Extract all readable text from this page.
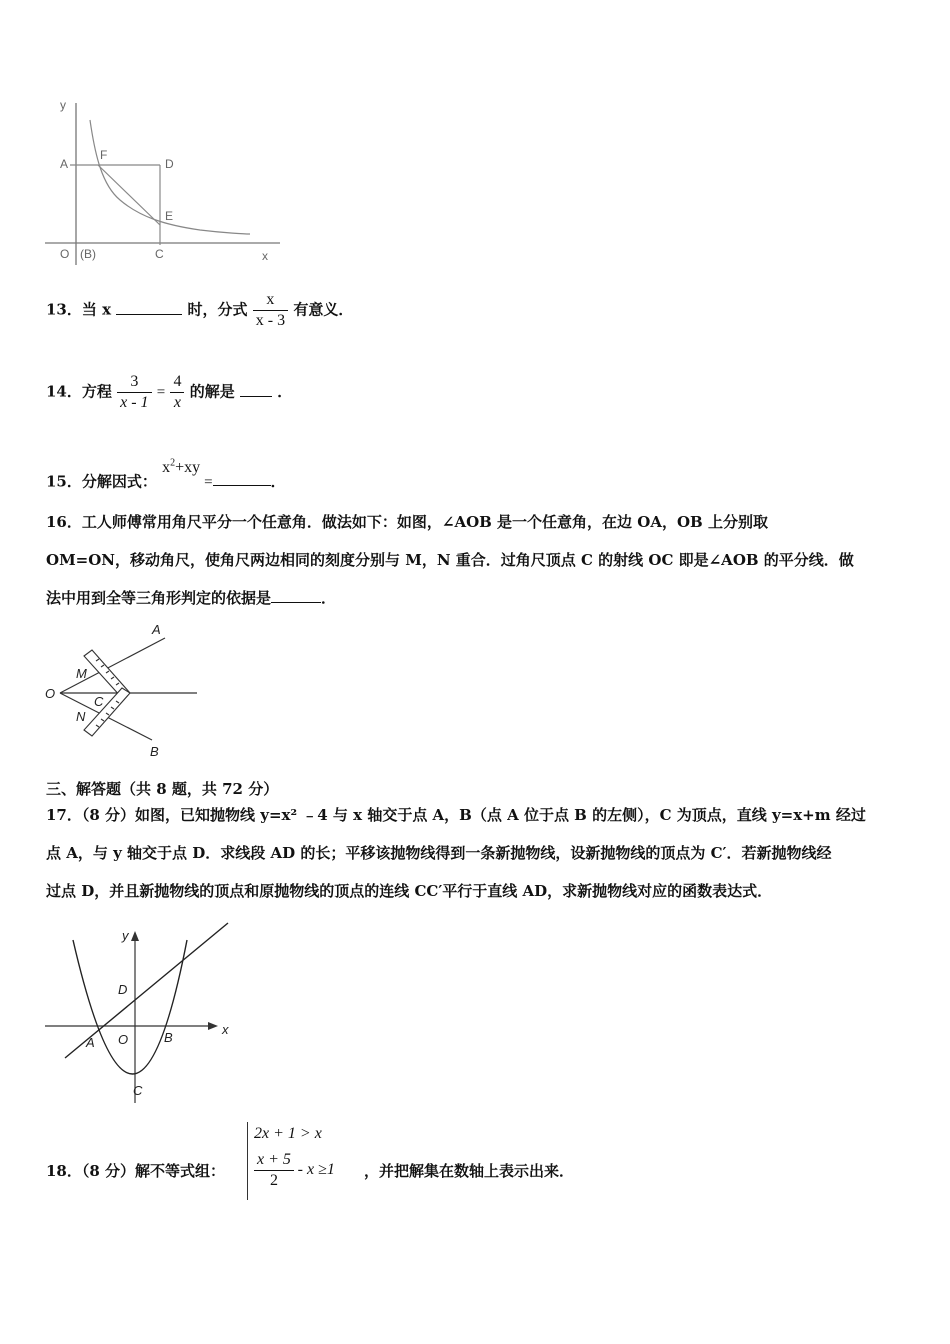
y
A
F
D
E
O (B)	C	x
13．当 x	时，分式 $\frac{x}{x - 3}$ 有意义．
14．方程 $\frac{3}{x - 1} = \frac{4}{x}$ 的解是	．
15．分解因式： $x^2+xy$ =	．
16．工人师傅常用角尺平分一个任意角．做法如下：如图，∠AOB 是一个任意角，在边 OA，OB 上分别取
OM=ON，移动角尺，使角尺两边相同的刻度分别与 M，N 重合．过角尺顶点 C 的射线 OC 即是∠AOB 的平分线．做
法中用到全等三角形判定的依据是	．
A
M
O
C
N
B
三、解答题（共 8 题，共 72 分）
17．（8 分）如图，已知抛物线 y=x² ﹣4 与 x 轴交于点 A，B（点 A 位于点 B 的左侧），C 为顶点，直线 y=x+m 经过
点 A，与 y 轴交于点 D．求线段 AD 的长；平移该抛物线得到一条新抛物线，设新抛物线的顶点为 C′．若新抛物线经
过点 D，并且新抛物线的顶点和原抛物线的顶点的连线 CC′平行于直线 AD，求新抛物线对应的函数表达式．
y
x
D
A O	B
C
18．（8 分）解不等式组：
2x + 1 > x
$\frac{x + 5}{2} - x \ge 1$ ，并把解集在数轴上表示出来．
